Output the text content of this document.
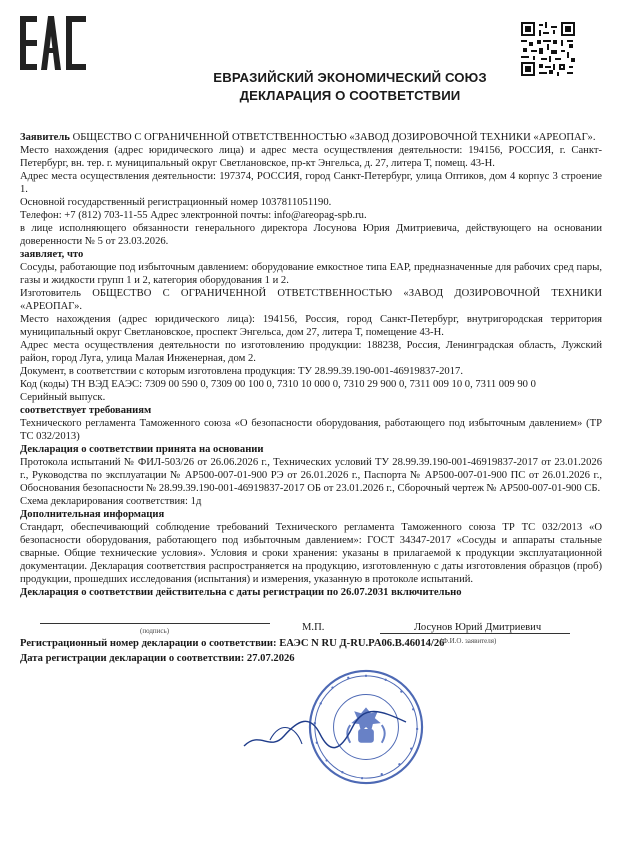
ЕВРАЗИЙСКИЙ ЭКОНОМИЧЕСКИЙ СОЮЗ
ДЕКЛАРАЦИЯ О СООТВЕТСТВИИ

Заявитель ОБЩЕСТВО С ОГРАНИЧЕННОЙ ОТВЕТСТВЕННОСТЬЮ «ЗАВОД ДОЗИРОВОЧНОЙ ТЕХНИКИ «АРЕОПАГ».

Место нахождения (адрес юридического лица) и адрес места осуществления деятельности: 194156, РОССИЯ, г. Санкт-Петербург, вн. тер. г. муниципальный округ Светлановское, пр-кт Энгельса, д. 27, литера Т, помещ. 43-Н.

Адрес места осуществления деятельности: 197374, РОССИЯ, город Санкт-Петербург, улица Оптиков, дом 4 корпус 3 строение 1.

Основной государственный регистрационный номер 1037811051190.

Телефон: +7 (812) 703-11-55 Адрес электронной почты: info@areopag-spb.ru.

в лице исполняющего обязанности генерального директора Лосунова Юрия Дмитриевича, действующего на основании доверенности № 5 от 23.03.2026.

заявляет, что

Сосуды, работающие под избыточным давлением: оборудование емкостное типа ЕАР, предназначенные для рабочих сред пары, газы и жидкости групп 1 и 2, категория оборудования 1 и 2.

Изготовитель ОБЩЕСТВО С ОГРАНИЧЕННОЙ ОТВЕТСТВЕННОСТЬЮ «ЗАВОД ДОЗИРОВОЧНОЙ ТЕХНИКИ «АРЕОПАГ».

Место нахождения (адрес юридического лица): 194156, Россия, город Санкт-Петербург, внутригородская территория муниципальный округ Светлановское, проспект Энгельса, дом 27, литера Т, помещение 43-Н.

Адрес места осуществления деятельности по изготовлению продукции: 188238, Россия, Ленинградская область, Лужский район, город Луга, улица Малая Инженерная, дом 2.

Документ, в соответствии с которым изготовлена продукция: ТУ 28.99.39.190-001-46919837-2017.

Код (коды) ТН ВЭД ЕАЭС: 7309 00 590 0, 7309 00 100 0, 7310 10 000 0, 7310 29 900 0, 7311 009 10 0, 7311 009 90 0

Серийный выпуск.

соответствует требованиям

Технического регламента Таможенного союза «О безопасности оборудования, работающего под избыточным давлением» (ТР ТС 032/2013)

Декларация о соответствии принята на основании

Протокола испытаний № ФИЛ-503/26 от 26.06.2026 г., Технических условий ТУ 28.99.39.190-001-46919837-2017 от 23.01.2026 г., Руководства по эксплуатации № АР500-007-01-900 РЭ от 26.01.2026 г., Паспорта № АР500-007-01-900 ПС от 26.01.2026 г., Обоснования безопасности № 28.99.39.190-001-46919837-2017 ОБ от 23.01.2026 г., Сборочный чертеж № АР500-007-01-900 СБ.

Схема декларирования соответствия: 1д

Дополнительная информация

Стандарт, обеспечивающий соблюдение требований Технического регламента Таможенного союза ТР ТС 032/2013 «О безопасности оборудования, работающего под избыточным давлением»: ГОСТ 34347-2017 «Сосуды и аппараты стальные сварные. Общие технические условия». Условия и сроки хранения: указаны в прилагаемой к продукции эксплуатационной документации. Декларация соответствия распространяется на продукцию, изготовленную с даты изготовления образцов (проб) продукции, прошедших исследования (испытания) и измерения, указанную в протоколе испытаний.

Декларация о соответствии действительна с даты регистрации по 26.07.2031 включительно

(подпись)	М.П.	Лосунов Юрий Дмитриевич
(Ф.И.О. заявителя)

Регистрационный номер декларации о соответствии: ЕАЭС N RU Д-RU.PA06.B.46014/26

Дата регистрации декларации о соответствии: 27.07.2026
